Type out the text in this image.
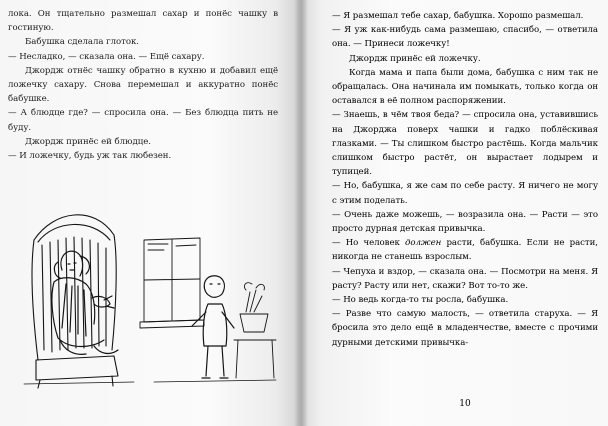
лока. Он тщательно размешал сахар и понёс чашку в гостиную.

Бабушка сделала глоток.

— Несладко, — сказала она. — Ещё сахару.

Джордж отнёс чашку обратно в кухню и добавил ещё ложечку сахару. Снова перемешал и аккуратно понёс бабушке.

— А блюдце где? — спросила она. — Без блюдца пить не буду.

Джордж принёс ей блюдце.

— И ложечку, будь уж так любезен.

— Я размешал тебе сахар, бабушка. Хорошо размешал.

— Я уж как-нибудь сама размешаю, спасибо, — ответила она. — Принеси ложечку!

Джордж принёс ей ложечку.

Когда мама и папа были дома, бабушка с ним так не обращалась. Она начинала им помыкать, только когда он оставался в её полном распоряжении.

— Знаешь, в чём твоя беда? — спросила она, уставившись на Джорджа поверх чашки и гадко поблёскивая глазками. — Ты слишком быстро растёшь. Когда мальчик слишком быстро растёт, он вырастает лодырем и тупицей.

— Но, бабушка, я же сам по себе расту. Я ничего не могу с этим поделать.

— Очень даже можешь, — возразила она. — Расти — это просто дурная детская привычка.

— Но человек должен расти, бабушка. Если не расти, никогда не станешь взрослым.

— Чепуха и вздор, — сказала она. — Посмотри на меня. Я расту? Расту или нет, скажи? Вот то-то же.

— Но ведь когда-то ты росла, бабушка.

— Разве что самую малость, — ответила старуха. — Я бросила это дело ещё в младенчестве, вместе с прочими дурными детскими привычка-

10
